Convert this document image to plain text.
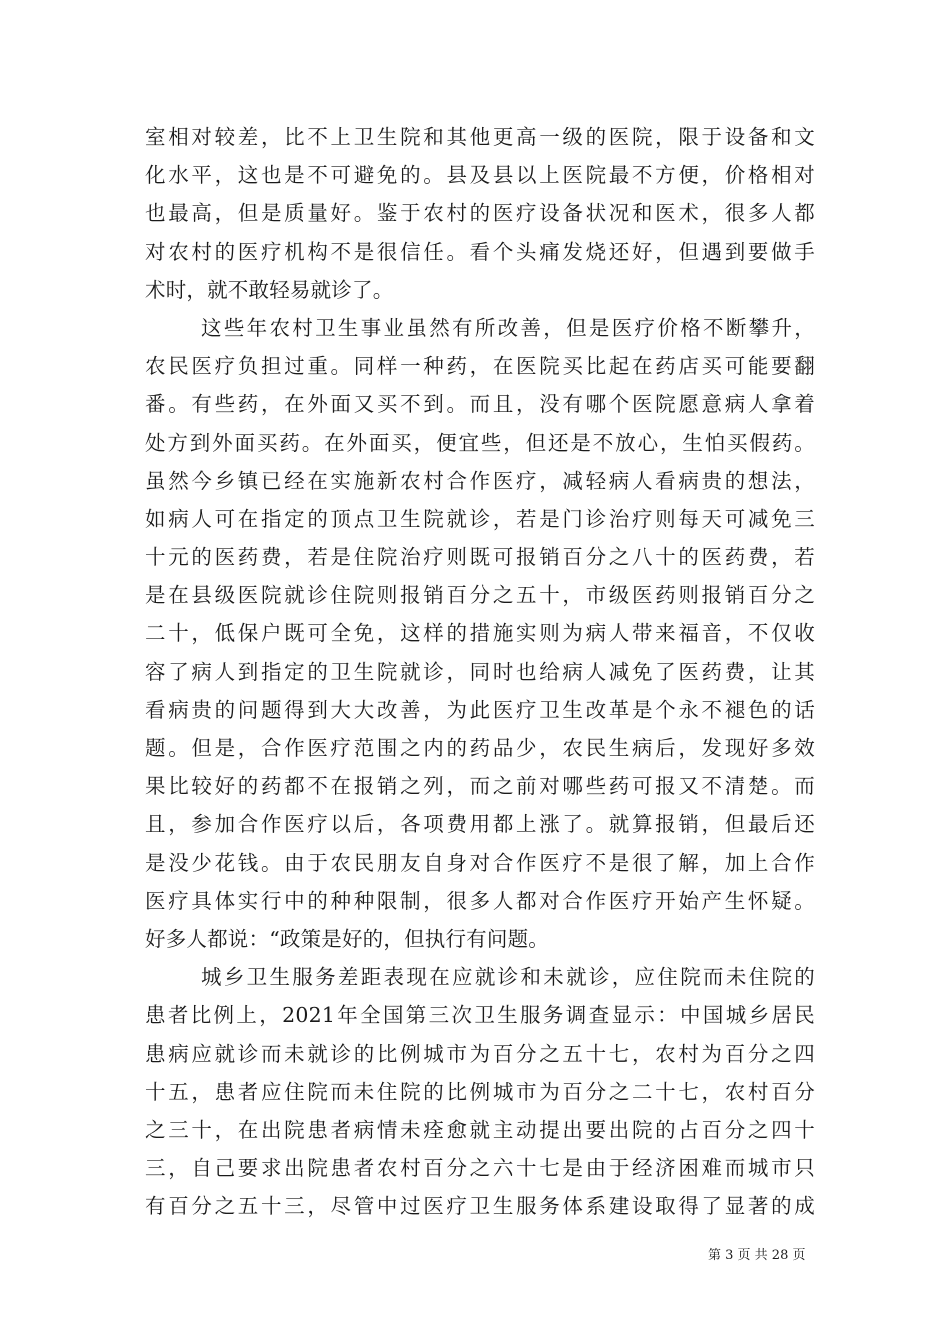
室相对较差，比不上卫生院和其他更高一级的医院，限于设备和文
化水平，这也是不可避免的。县及县以上医院最不方便，价格相对
也最高，但是质量好。鉴于农村的医疗设备状况和医术，很多人都
对农村的医疗机构不是很信任。看个头痛发烧还好，但遇到要做手
术时，就不敢轻易就诊了。
这些年农村卫生事业虽然有所改善，但是医疗价格不断攀升，
农民医疗负担过重。同样一种药，在医院买比起在药店买可能要翻
番。有些药，在外面又买不到。而且，没有哪个医院愿意病人拿着
处方到外面买药。在外面买，便宜些，但还是不放心，生怕买假药。
虽然今乡镇已经在实施新农村合作医疗，减轻病人看病贵的想法，
如病人可在指定的顶点卫生院就诊，若是门诊治疗则每天可减免三
十元的医药费，若是住院治疗则既可报销百分之八十的医药费，若
是在县级医院就诊住院则报销百分之五十，市级医药则报销百分之
二十，低保户既可全免，这样的措施实则为病人带来福音，不仅收
容了病人到指定的卫生院就诊，同时也给病人减免了医药费，让其
看病贵的问题得到大大改善，为此医疗卫生改革是个永不褪色的话
题。但是，合作医疗范围之内的药品少，农民生病后，发现好多效
果比较好的药都不在报销之列，而之前对哪些药可报又不清楚。而
且，参加合作医疗以后，各项费用都上涨了。就算报销，但最后还
是没少花钱。由于农民朋友自身对合作医疗不是很了解，加上合作
医疗具体实行中的种种限制，很多人都对合作医疗开始产生怀疑。
好多人都说：“政策是好的，但执行有问题。
城乡卫生服务差距表现在应就诊和未就诊，应住院而未住院的
患者比例上，2021年全国第三次卫生服务调查显示：中国城乡居民
患病应就诊而未就诊的比例城市为百分之五十七，农村为百分之四
十五，患者应住院而未住院的比例城市为百分之二十七，农村百分
之三十，在出院患者病情未痊愈就主动提出要出院的占百分之四十
三，自己要求出院患者农村百分之六十七是由于经济困难而城市只
有百分之五十三，尽管中过医疗卫生服务体系建设取得了显著的成
第 3 页 共 28 页
